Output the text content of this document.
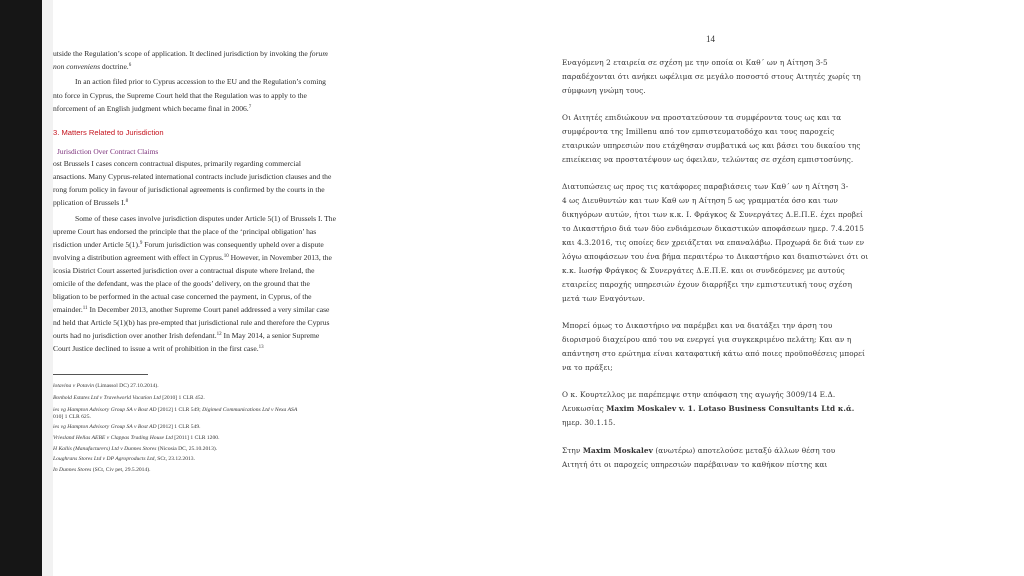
utside the Regulation’s scope of application. It declined jurisdiction by invoking the forum
non conveniens doctrine.$^6$
In an action filed prior to Cyprus accession to the EU and the Regulation’s coming
nto force in Cyprus, the Supreme Court held that the Regulation was to apply to the
nforcement of an English judgment which became final in 2006.$^7$
3. Matters Related to Jurisdiction
Jurisdiction Over Contract Claims
ost Brussels I cases concern contractual disputes, primarily regarding commercial
ansactions. Many Cyprus-related international contracts include jurisdiction clauses and the
rong forum policy in favour of jurisdictional agreements is confirmed by the courts in the
pplication of Brussels I.$^8$
Some of these cases involve jurisdiction disputes under Article 5(1) of Brussels I. The
upreme Court has endorsed the principle that the place of the ‘principal obligation’ has
risdiction under Article 5(1).$^9$ Forum jurisdiction was consequently upheld over a dispute
nvolving a distribution agreement with effect in Cyprus.$^{10}$ However, in November 2013, the
icosia District Court asserted jurisdiction over a contractual dispute where Ireland, the
omicile of the defendant, was the place of the goods’ delivery, on the ground that the
bligation to be performed in the actual case concerned the payment, in Cyprus, of the
emainder.$^{11}$ In December 2013, another Supreme Court panel addressed a very similar case
nd held that Article 5(1)(b) has pre-empted that jurisdictional rule and therefore the Cyprus
ourts had no jurisdiction over another Irish defendant.$^{12}$ In May 2014, a senior Supreme
Court Justice declined to issue a writ of prohibition in the first case.$^{13}$
lotavina v Potavin (Limassol DC) 27.10.2014).
Bonhold Estates Ltd v Travelworld Vacation Ltd [2010] 1 CLR 452.
ies vg Hampton Advisory Group SA v Bost AD [2012] 1 CLR 549; Digimed Communications Ltd v Nexa ASA
010] 1 CLR 625.
ies vg Hampton Advisory Group SA v Bost AD [2012] 1 CLR 549.
Vriesland Hellas AEBE v Clappas Trading House Ltd [2011] 1 CLR 1200.
H Kallis (Manufacturers) Ltd v Dunnes Stores (Nicosia DC, 25.10.2013).
Loughrans Stores Ltd v DP Agroproducts Ltd, SCt, 23.12.2013.
In Dunnes Stores (SCt, Civ pet, 29.5.2014).
14
Εναγόμενη 2 εταιρεία σε σχέση με την οποία οι Καθ΄ ων η Αίτηση 3-5
παραδέχονται ότι ανήκει ωφέλιμα σε μεγάλο ποσοστό στους Αιτητές χωρίς τη
σύμφωνη γνώμη τους.
Οι Αιτητές επιδιώκουν να προστατεύσουν τα συμφέροντα τους ως και τα
συμφέροντα της Imillenu από τον εμπιστευματοδόχο και τους παροχείς
εταιρικών υπηρεσιών που ετάχθησαν συμβατικά ως και βάσει του δικαίου της
επιείκειας να προστατέψουν ως όφειλαν, τελώντας σε σχέση εμπιστοσύνης.
Διατυπώσεις ως προς τις κατάφορες παραβιάσεις των Καθ΄ ων η Αίτηση 3-
4 ως Διευθυντών και των Καθ ων η Αίτηση 5 ως γραμματέα όσο και των
δικηγόρων αυτών, ήτοι των κ.κ. Ι. Φράγκος & Συνεργάτες Δ.Ε.Π.Ε. έχει προβεί
το Δικαστήριο διά των δύο ενδιάμεσων δικαστικών αποφάσεων ημερ. 7.4.2015
και 4.3.2016, τις οποίες δεν χρειάζεται να επαναλάβω. Προχωρά δε διά των εν
λόγω αποφάσεων του ένα βήμα περαιτέρω το Δικαστήριο και διαπιστώνει ότι οι
κ.κ. Ιωσήφ Φράγκος & Συνεργάτες Δ.Ε.Π.Ε. και οι συνδεόμενες με αυτούς
εταιρείες παροχής υπηρεσιών έχουν διαρρήξει την εμπιστευτική τους σχέση
μετά των Εναγόντων.
Μπορεί όμως το Δικαστήριο να παρέμβει και να διατάξει την άρση του
διορισμού διαχείρου από του να ενεργεί για συγκεκριμένο πελάτη; Και αν η
απάντηση στο ερώτημα είναι καταφατική κάτω από ποιες προϋποθέσεις μπορεί
να το πράξει;
Ο κ. Κουρτελλος με παρέπεμψε στην απόφαση της αγωγής 3009/14 Ε.Δ.
Λευκωσίας Maxim Moskalev v. 1. Lotaso Business Consultants Ltd κ.ά.
ημερ. 30.1.15.
Στην Maxim Moskalev (ανωτέρω) αποτελούσε μεταξύ άλλων θέση του
Αιτητή ότι οι παροχείς υπηρεσιών παρέβαιναν το καθήκον πίστης και
